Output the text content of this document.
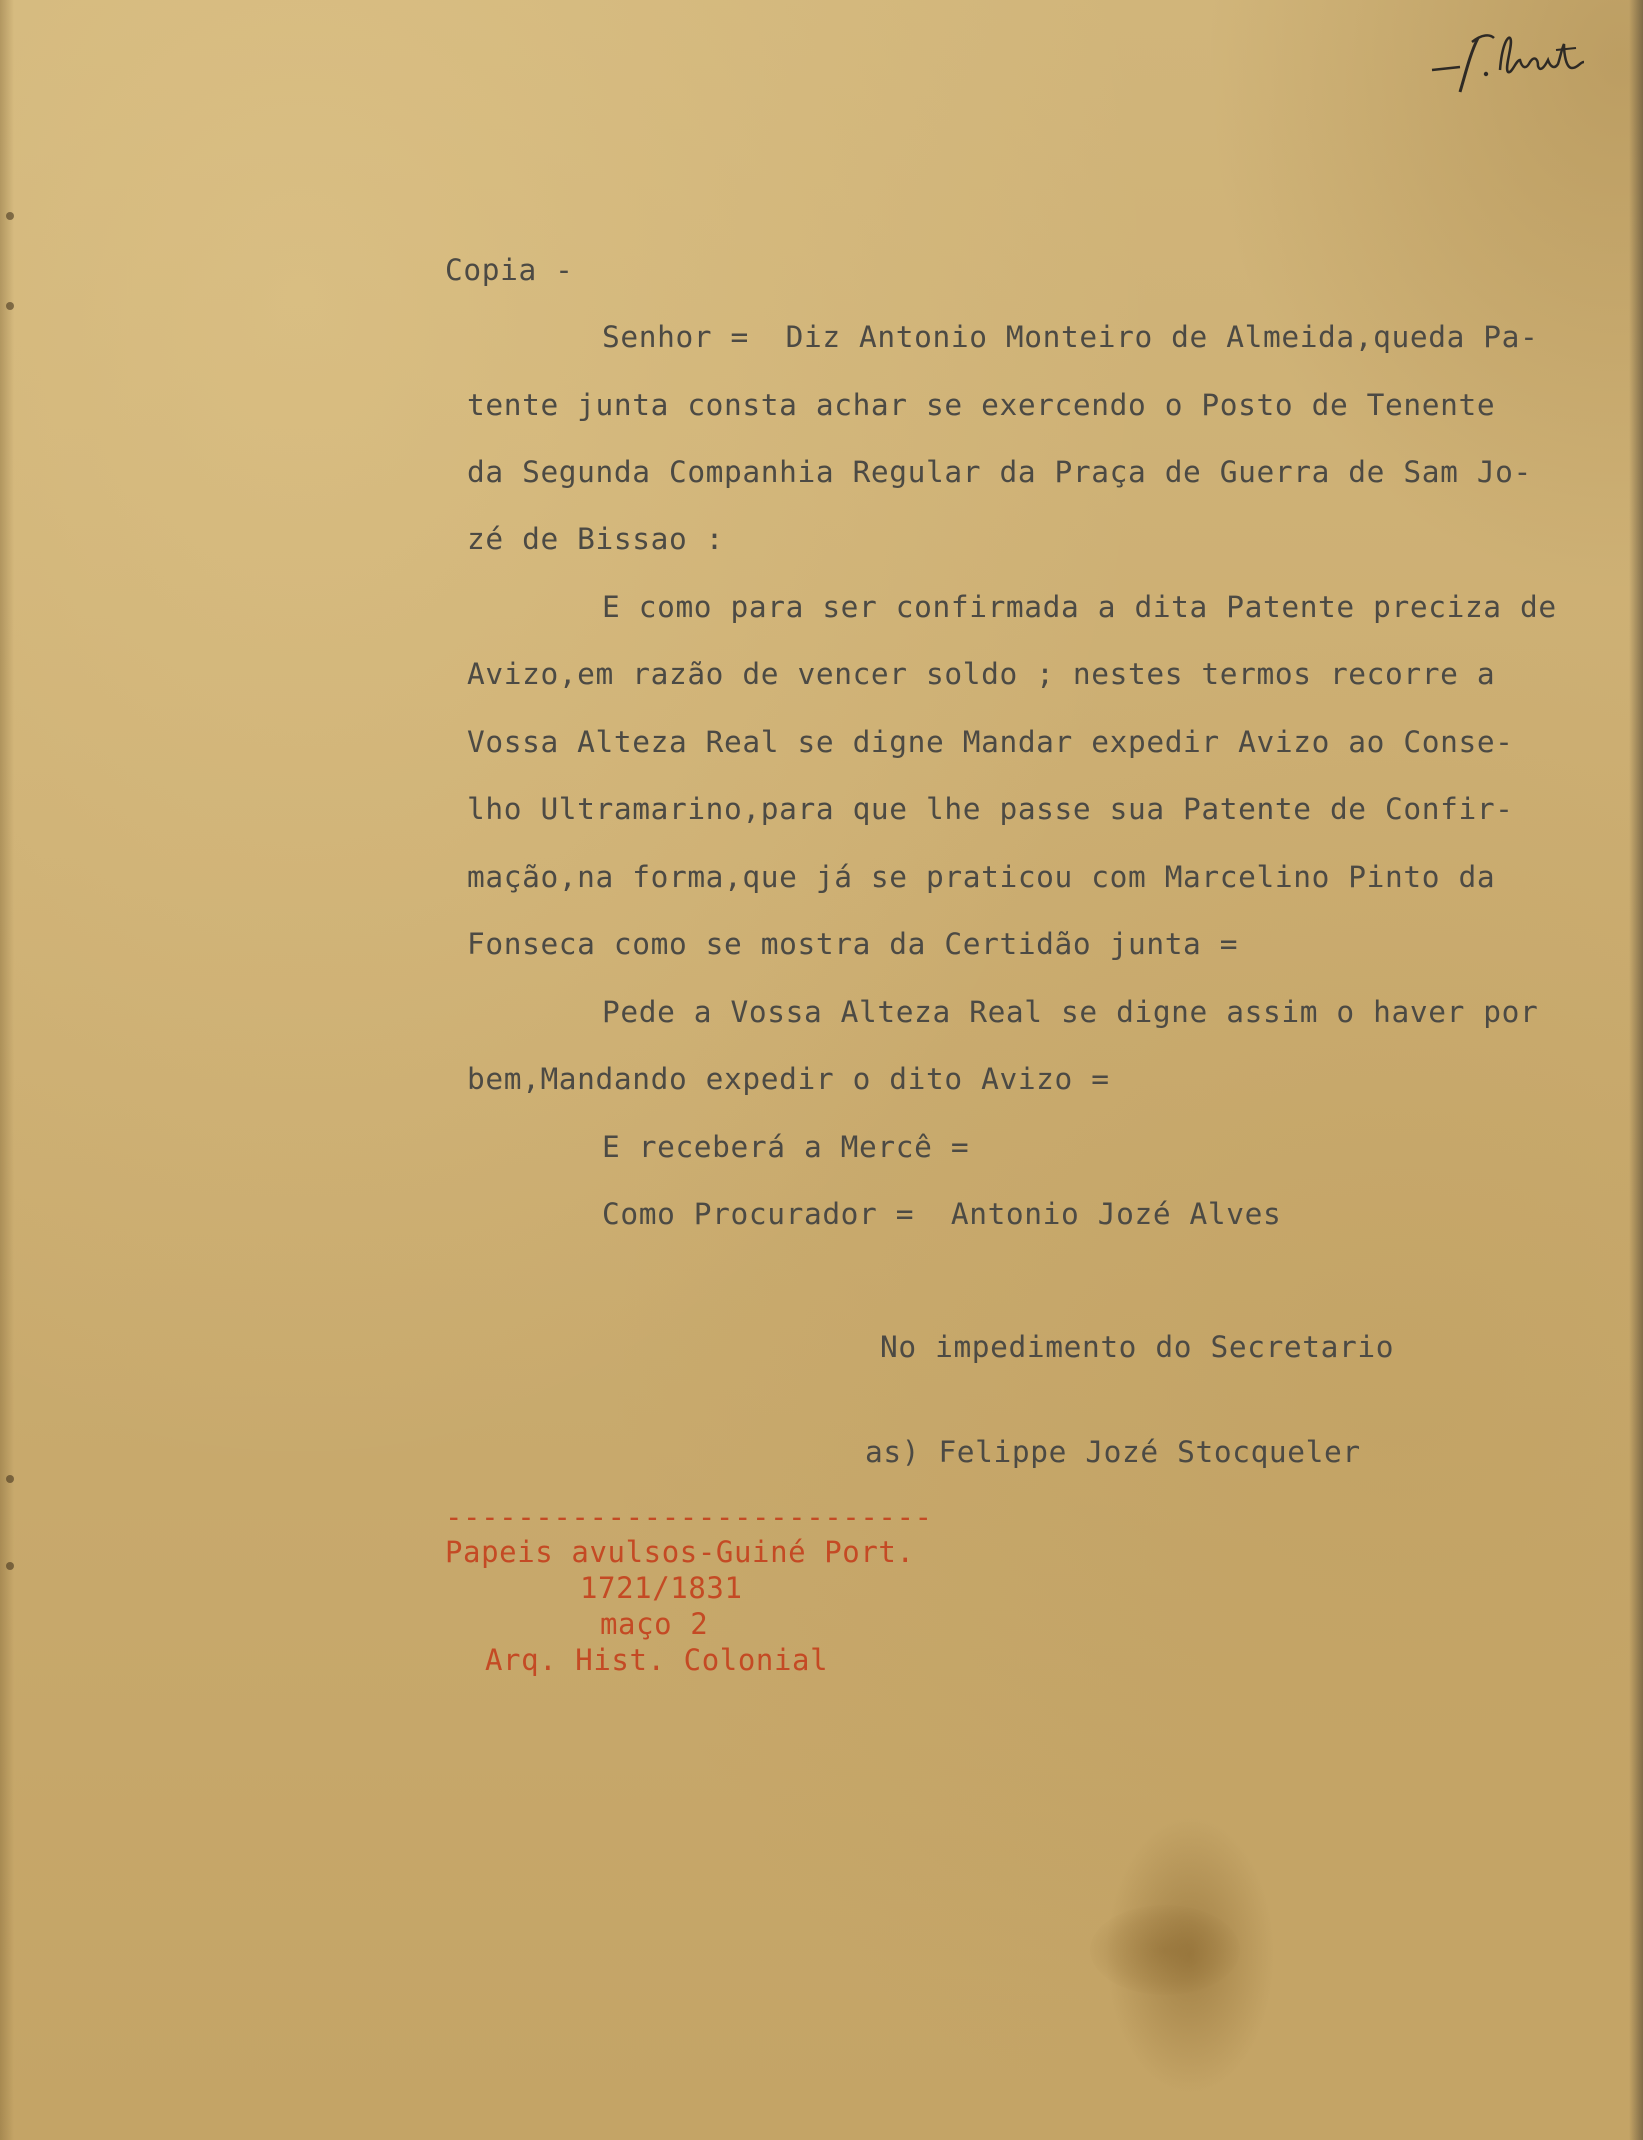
Copia -
Senhor =  Diz Antonio Monteiro de Almeida,queda Pa-
tente junta consta achar se exercendo o Posto de Tenente
da Segunda Companhia Regular da Praça de Guerra de Sam Jo-
zé de Bissao :
E como para ser confirmada a dita Patente preciza de
Avizo,em razão de vencer soldo ; nestes termos recorre a
Vossa Alteza Real se digne Mandar expedir Avizo ao Conse-
lho Ultramarino,para que lhe passe sua Patente de Confir-
mação,na forma,que já se praticou com Marcelino Pinto da
Fonseca como se mostra da Certidão junta =
Pede a Vossa Alteza Real se digne assim o haver por
bem,Mandando expedir o dito Avizo =
E receberá a Mercê =
Como Procurador =  Antonio Jozé Alves
No impedimento do Secretario
as) Felippe Jozé Stocqueler
---------------------------
Papeis avulsos-Guiné Port.
1721/1831
maço 2
Arq. Hist. Colonial
